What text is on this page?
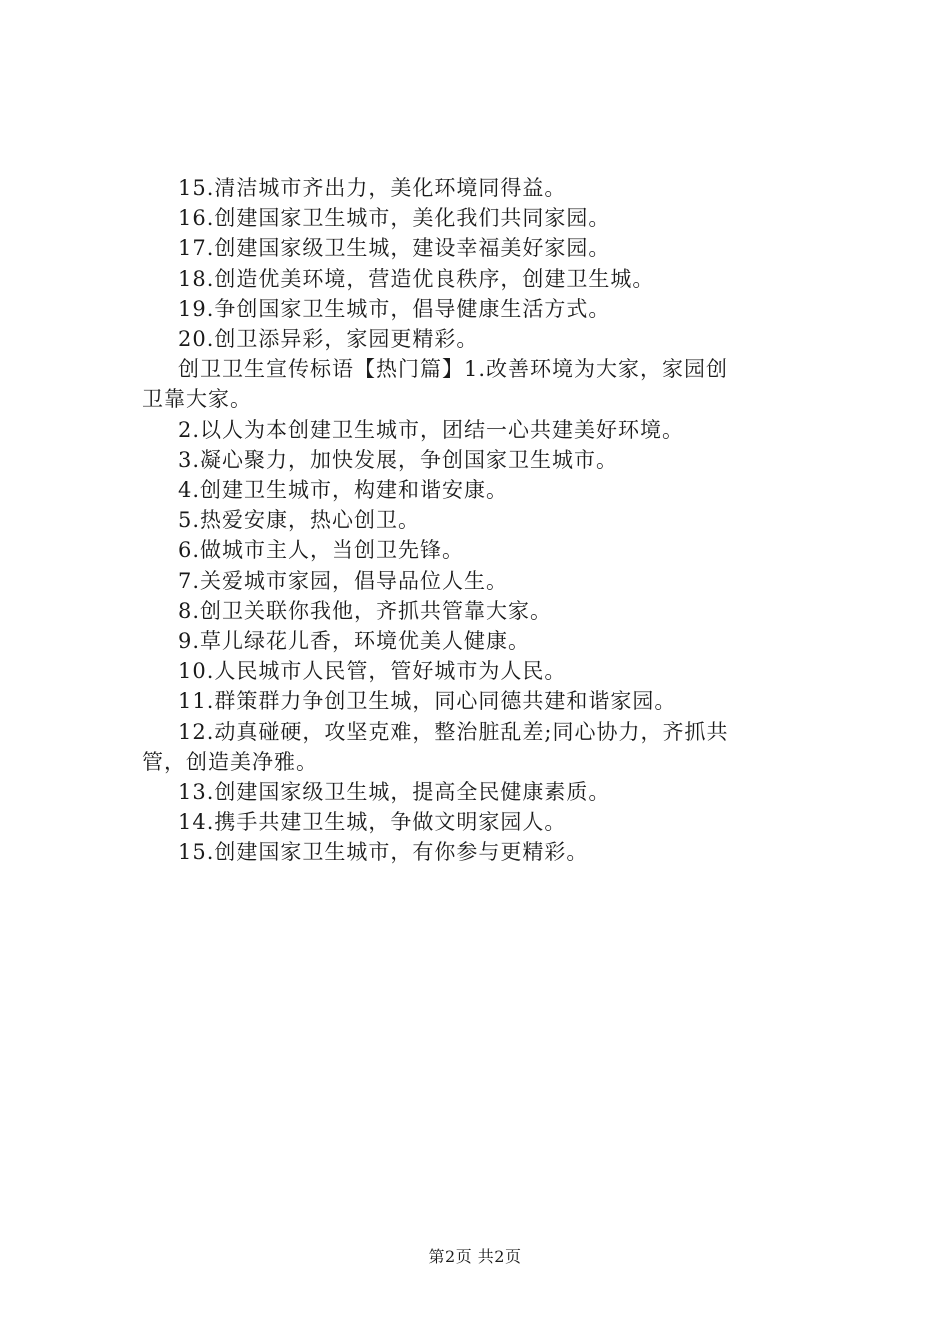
15.清洁城市齐出力，美化环境同得益。
16.创建国家卫生城市，美化我们共同家园。
17.创建国家级卫生城，建设幸福美好家园。
18.创造优美环境，营造优良秩序，创建卫生城。
19.争创国家卫生城市，倡导健康生活方式。
20.创卫添异彩，家园更精彩。
创卫卫生宣传标语【热门篇】1.改善环境为大家，家园创
卫靠大家。
2.以人为本创建卫生城市，团结一心共建美好环境。
3.凝心聚力，加快发展，争创国家卫生城市。
4.创建卫生城市，构建和谐安康。
5.热爱安康，热心创卫。
6.做城市主人，当创卫先锋。
7.关爱城市家园，倡导品位人生。
8.创卫关联你我他，齐抓共管靠大家。
9.草儿绿花儿香，环境优美人健康。
10.人民城市人民管，管好城市为人民。
11.群策群力争创卫生城，同心同德共建和谐家园。
12.动真碰硬，攻坚克难，整治脏乱差;同心协力，齐抓共
管，创造美净雅。
13.创建国家级卫生城，提高全民健康素质。
14.携手共建卫生城，争做文明家园人。
15.创建国家卫生城市，有你参与更精彩。
第2页 共2页
